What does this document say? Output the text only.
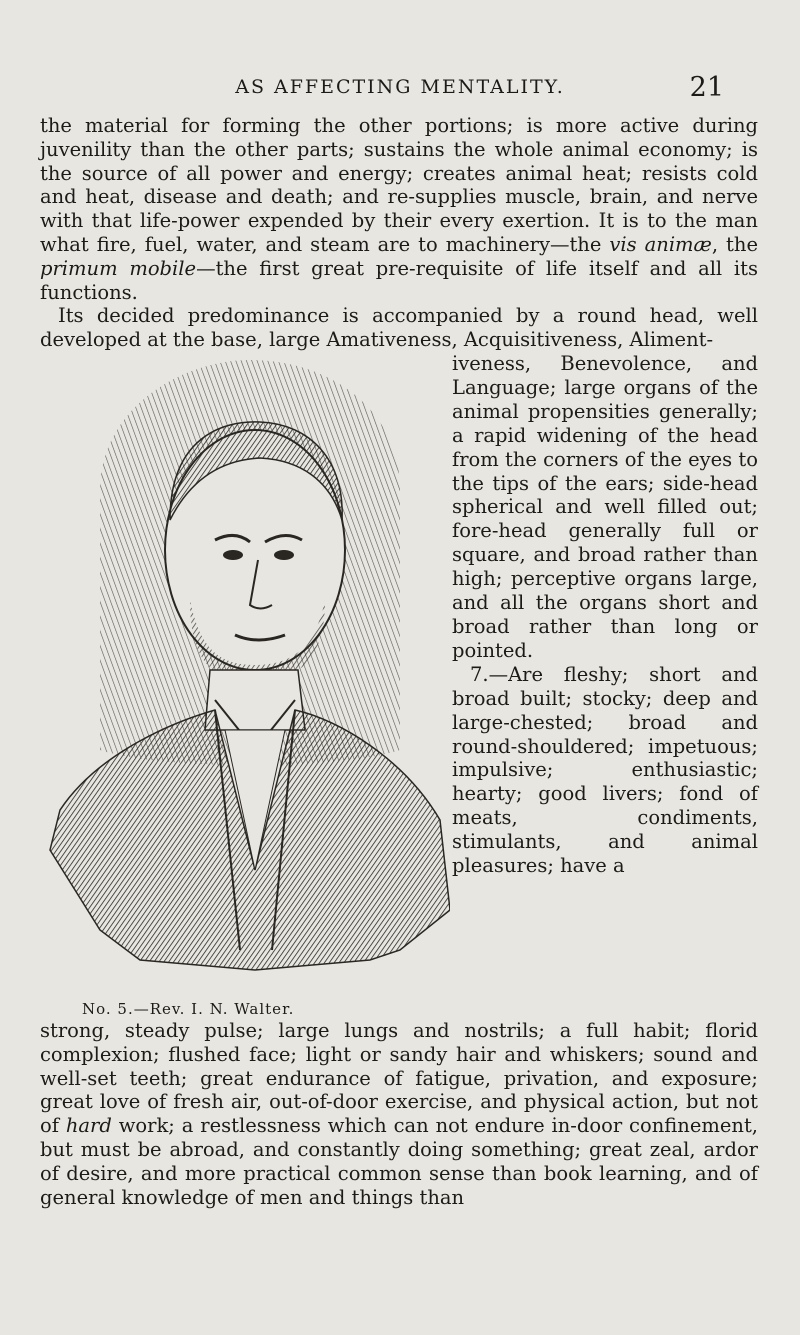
AS AFFECTING MENTALITY.	21

the material for forming the other portions; is more active during juvenility than the other parts; sustains the whole animal economy; is the source of all power and energy; creates animal heat; resists cold and heat, disease and death; and re-supplies muscle, brain, and nerve with that life-power expended by their every exertion. It is to the man what fire, fuel, water, and steam are to machinery—the vis animæ, the primum mobile—the first great pre-requisite of life itself and all its functions.

Its decided predominance is accompanied by a round head, well developed at the base, large Amativeness, Acquisitiveness, Aliment-

No. 5.—Rev. I. N. Walter.

iveness, Benevolence, and Language; large organs of the animal propensities generally; a rapid widening of the head from the corners of the eyes to the tips of the ears; side-head spherical and well filled out; fore-head generally full or square, and broad rather than high; perceptive organs large, and all the organs short and broad rather than long or pointed.

7.—Are fleshy; short and broad built; stocky; deep and large-chested; broad and round-shouldered; impetuous; impulsive; enthusiastic; hearty; good livers; fond of meats, condiments, stimulants, and animal pleasures; have a

strong, steady pulse; large lungs and nostrils; a full habit; florid complexion; flushed face; light or sandy hair and whiskers; sound and well-set teeth; great endurance of fatigue, privation, and exposure; great love of fresh air, out-of-door exercise, and physical action, but not of hard work; a restlessness which can not endure in-door confinement, but must be abroad, and constantly doing something; great zeal, ardor of desire, and more practical common sense than book learning, and of general knowledge of men and things than
